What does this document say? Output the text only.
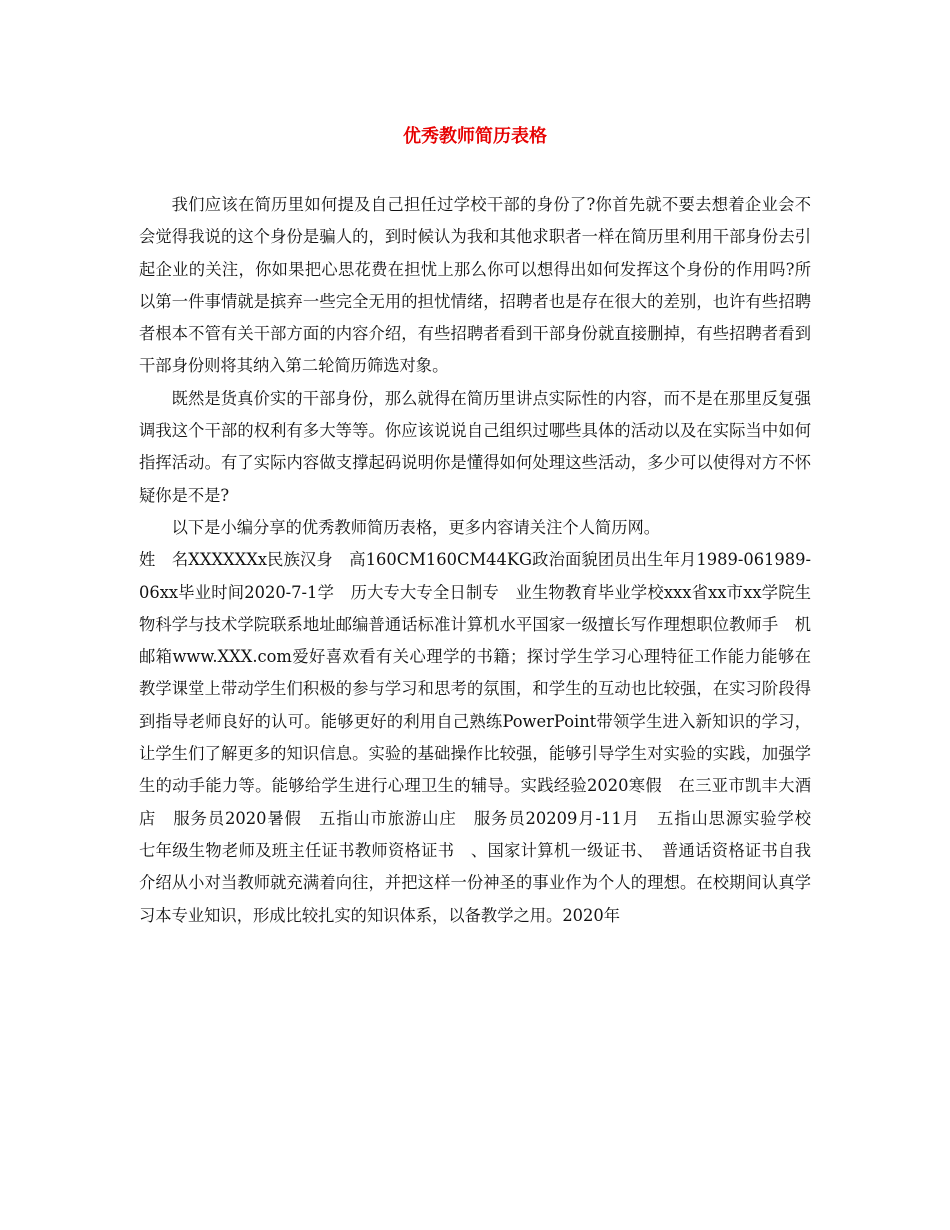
优秀教师简历表格

我们应该在简历里如何提及自己担任过学校干部的身份了?你首先就不要去想着企业会不会觉得我说的这个身份是骗人的，到时候认为我和其他求职者一样在简历里利用干部身份去引起企业的关注，你如果把心思花费在担忧上那么你可以想得出如何发挥这个身份的作用吗?所以第一件事情就是摈弃一些完全无用的担忧情绪，招聘者也是存在很大的差别，也许有些招聘者根本不管有关干部方面的内容介绍，有些招聘者看到干部身份就直接删掉，有些招聘者看到干部身份则将其纳入第二轮简历筛选对象。

既然是货真价实的干部身份，那么就得在简历里讲点实际性的内容，而不是在那里反复强调我这个干部的权利有多大等等。你应该说说自己组织过哪些具体的活动以及在实际当中如何指挥活动。有了实际内容做支撑起码说明你是懂得如何处理这些活动，多少可以使得对方不怀疑你是不是?

以下是小编分享的优秀教师简历表格，更多内容请关注个人简历网。

姓　名XXXXXXx民族汉身　高160CM160CM44KG政治面貌团员出生年月1989-061989-06xx毕业时间2020-7-1学　历大专大专全日制专　业生物教育毕业学校xxx省xx市xx学院生物科学与技术学院联系地址邮编普通话标准计算机水平国家一级擅长写作理想职位教师手　机邮箱www.XXX.com爱好喜欢看有关心理学的书籍；探讨学生学习心理特征工作能力能够在教学课堂上带动学生们积极的参与学习和思考的氛围，和学生的互动也比较强，在实习阶段得到指导老师良好的认可。能够更好的利用自己熟练PowerPoint带领学生进入新知识的学习，让学生们了解更多的知识信息。实验的基础操作比较强，能够引导学生对实验的实践，加强学生的动手能力等。能够给学生进行心理卫生的辅导。实践经验2020寒假　在三亚市凯丰大酒店　服务员2020暑假　五指山市旅游山庄　服务员20209月-11月　五指山思源实验学校　七年级生物老师及班主任证书教师资格证书　、国家计算机一级证书、　普通话资格证书自我介绍从小对当教师就充满着向往，并把这样一份神圣的事业作为个人的理想。在校期间认真学习本专业知识，形成比较扎实的知识体系，以备教学之用。2020年
